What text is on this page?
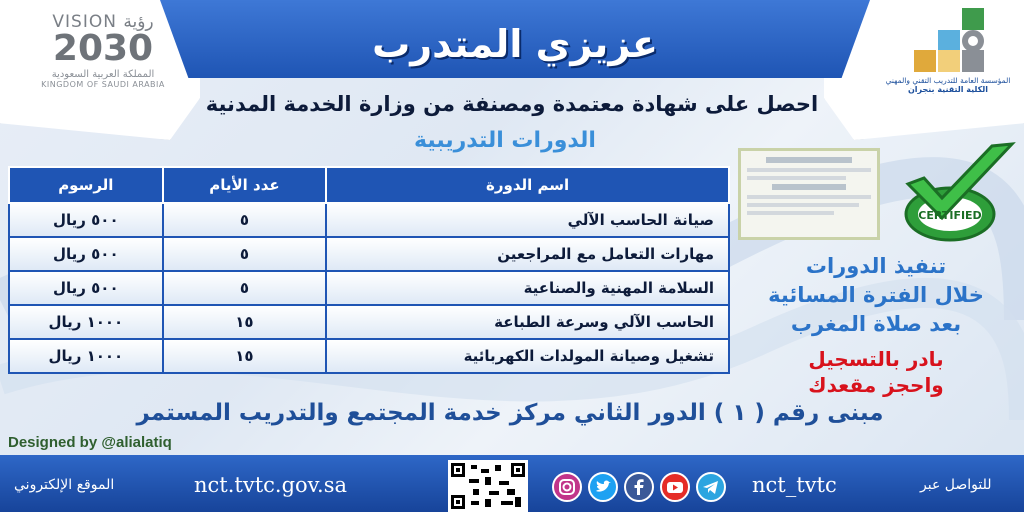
عزيزي المتدرب
VISION رؤية
2030
المملكة العربية السعودية
KINGDOM OF SAUDI ARABIA	المؤسسة العامة للتدريب التقني والمهني
الكلية التقنية بنجران
احصل على شهادة معتمدة ومصنفة من وزارة الخدمة المدنية
الدورات التدريبية
اسم الدورة	عدد الأيام	الرسوم
صيانة الحاسب الآلي	٥	٥٠٠ ريال
مهارات التعامل مع المراجعين	٥	٥٠٠ ريال
السلامة المهنية والصناعية	٥	٥٠٠ ريال
الحاسب الآلي وسرعة الطباعة	١٥	١٠٠٠ ريال
تشغيل وصيانة المولدات الكهربائية	١٥	١٠٠٠ ريال
CERTIFIED
تنفيذ الدورات
خلال الفترة المسائية
بعد صلاة المغرب
بادر بالتسجيل
واحجز مقعدك
مبنى رقم ( ١ ) الدور الثاني مركز خدمة المجتمع والتدريب المستمر
Designed by @alialatiq
الموقع الإلكتروني	nct.tvtc.gov.sa	nct_tvtc	للتواصل عبر
